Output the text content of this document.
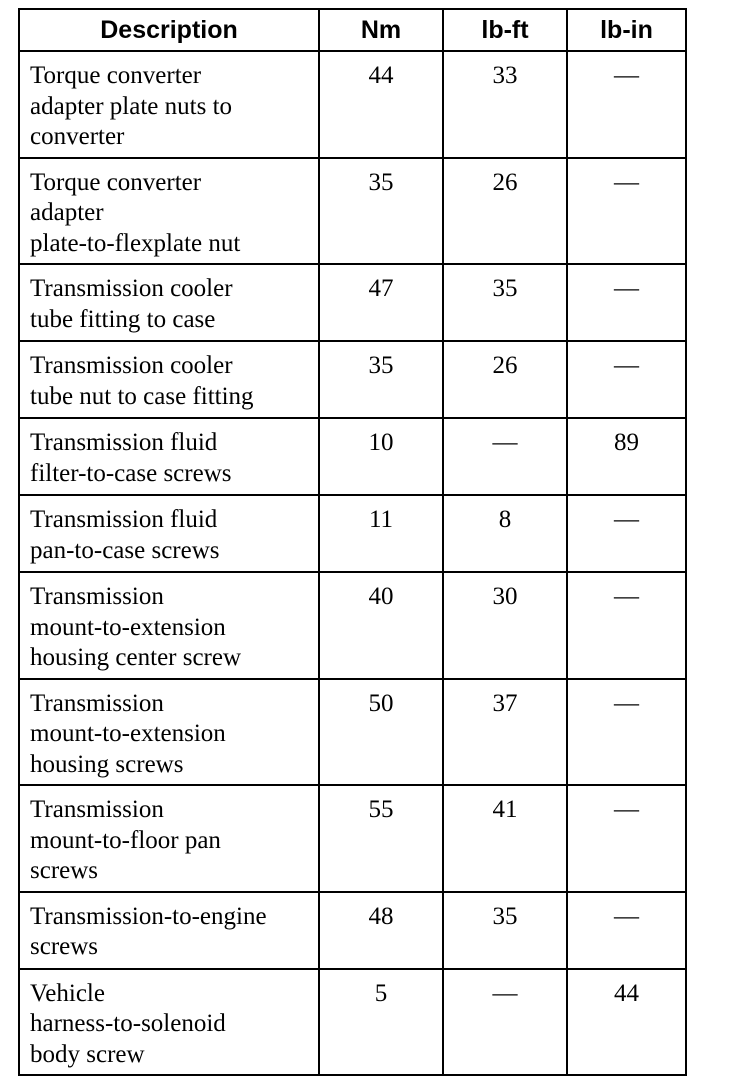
Description	Nm	lb-ft	lb-in

Torque converter
adapter plate nuts to
converter	44	33	—

Torque converter
adapter
plate-to-flexplate nut	35	26	—

Transmission cooler
tube fitting to case	47	35	—

Transmission cooler
tube nut to case fitting	35	26	—

Transmission fluid
filter-to-case screws	10	—	89

Transmission fluid
pan-to-case screws	11	8	—

Transmission
mount-to-extension
housing center screw	40	30	—

Transmission
mount-to-extension
housing screws	50	37	—

Transmission
mount-to-floor pan
screws	55	41	—

Transmission-to-engine
screws	48	35	—

Vehicle
harness-to-solenoid
body screw	5	—	44
